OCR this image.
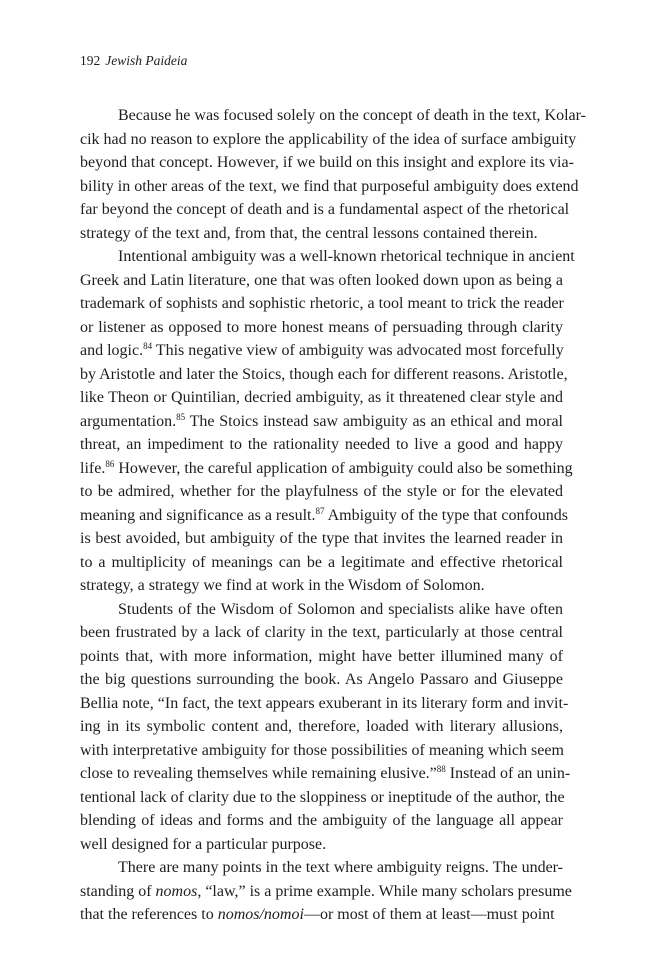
192 Jewish Paideia
Because he was focused solely on the concept of death in the text, Kolar-
cik had no reason to explore the applicability of the idea of surface ambiguity
beyond that concept. However, if we build on this insight and explore its via-
bility in other areas of the text, we find that purposeful ambiguity does extend
far beyond the concept of death and is a fundamental aspect of the rhetorical
strategy of the text and, from that, the central lessons contained therein.
Intentional ambiguity was a well-known rhetorical technique in ancient
Greek and Latin literature, one that was often looked down upon as being a
trademark of sophists and sophistic rhetoric, a tool meant to trick the reader
or listener as opposed to more honest means of persuading through clarity
and logic.$^{84}$ This negative view of ambiguity was advocated most forcefully
by Aristotle and later the Stoics, though each for different reasons. Aristotle,
like Theon or Quintilian, decried ambiguity, as it threatened clear style and
argumentation.$^{85}$ The Stoics instead saw ambiguity as an ethical and moral
threat, an impediment to the rationality needed to live a good and happy
life.$^{86}$ However, the careful application of ambiguity could also be something
to be admired, whether for the playfulness of the style or for the elevated
meaning and significance as a result.$^{87}$ Ambiguity of the type that confounds
is best avoided, but ambiguity of the type that invites the learned reader in
to a multiplicity of meanings can be a legitimate and effective rhetorical
strategy, a strategy we find at work in the Wisdom of Solomon.
Students of the Wisdom of Solomon and specialists alike have often
been frustrated by a lack of clarity in the text, particularly at those central
points that, with more information, might have better illumined many of
the big questions surrounding the book. As Angelo Passaro and Giuseppe
Bellia note, “In fact, the text appears exuberant in its literary form and invit-
ing in its symbolic content and, therefore, loaded with literary allusions,
with interpretative ambiguity for those possibilities of meaning which seem
close to revealing themselves while remaining elusive.”$^{88}$ Instead of an unin-
tentional lack of clarity due to the sloppiness or ineptitude of the author, the
blending of ideas and forms and the ambiguity of the language all appear
well designed for a particular purpose.
There are many points in the text where ambiguity reigns. The under-
standing of nomos, “law,” is a prime example. While many scholars presume
that the references to nomos/nomoi—or most of them at least—must point
